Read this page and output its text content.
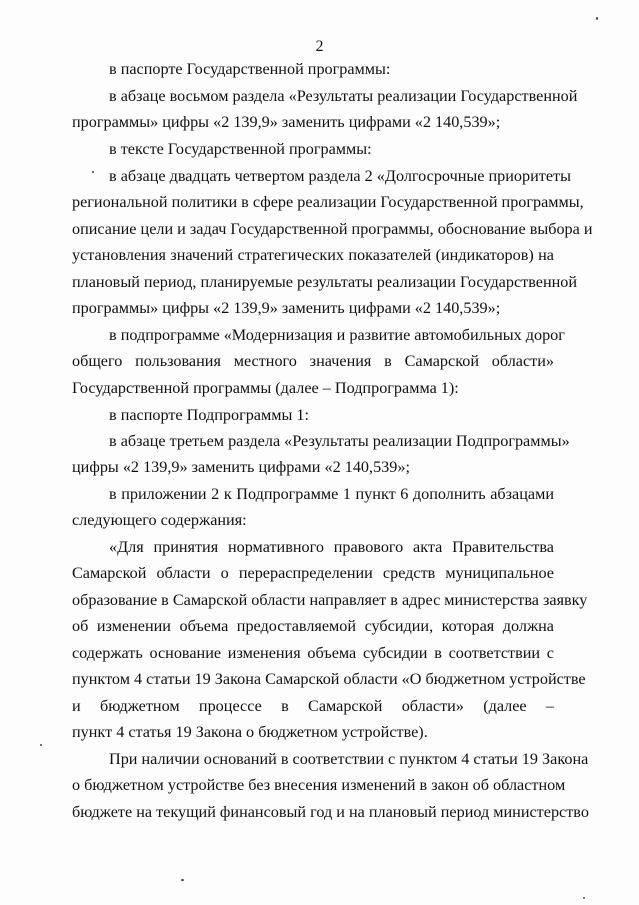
2
в паспорте Государственной программы:
в абзаце восьмом раздела «Результаты реализации Государственной
программы» цифры «2 139,9» заменить цифрами «2 140,539»;
в тексте Государственной программы:
в абзаце двадцать четвертом раздела 2 «Долгосрочные приоритеты
региональной политики в сфере реализации Государственной программы,
описание цели и задач Государственной программы, обоснование выбора и
установления значений стратегических показателей (индикаторов) на
плановый период, планируемые результаты реализации Государственной
программы» цифры «2 139,9» заменить цифрами «2 140,539»;
в подпрограмме «Модернизация и развитие автомобильных дорог
общего пользования местного значения в Самарской области»
Государственной программы (далее – Подпрограмма 1):
в паспорте Подпрограммы 1:
в абзаце третьем раздела «Результаты реализации Подпрограммы»
цифры «2 139,9» заменить цифрами «2 140,539»;
в приложении 2 к Подпрограмме 1 пункт 6 дополнить абзацами
следующего содержания:
«Для принятия нормативного правового акта Правительства
Самарской области о перераспределении средств муниципальное
образование в Самарской области направляет в адрес министерства заявку
об изменении объема предоставляемой субсидии, которая должна
содержать основание изменения объема субсидии в соответствии с
пунктом 4 статьи 19 Закона Самарской области «О бюджетном устройстве
и бюджетном процессе в Самарской области» (далее –
пункт 4 статья 19 Закона о бюджетном устройстве).
При наличии оснований в соответствии с пунктом 4 статьи 19 Закона
о бюджетном устройстве без внесения изменений в закон об областном
бюджете на текущий финансовый год и на плановый период министерство
